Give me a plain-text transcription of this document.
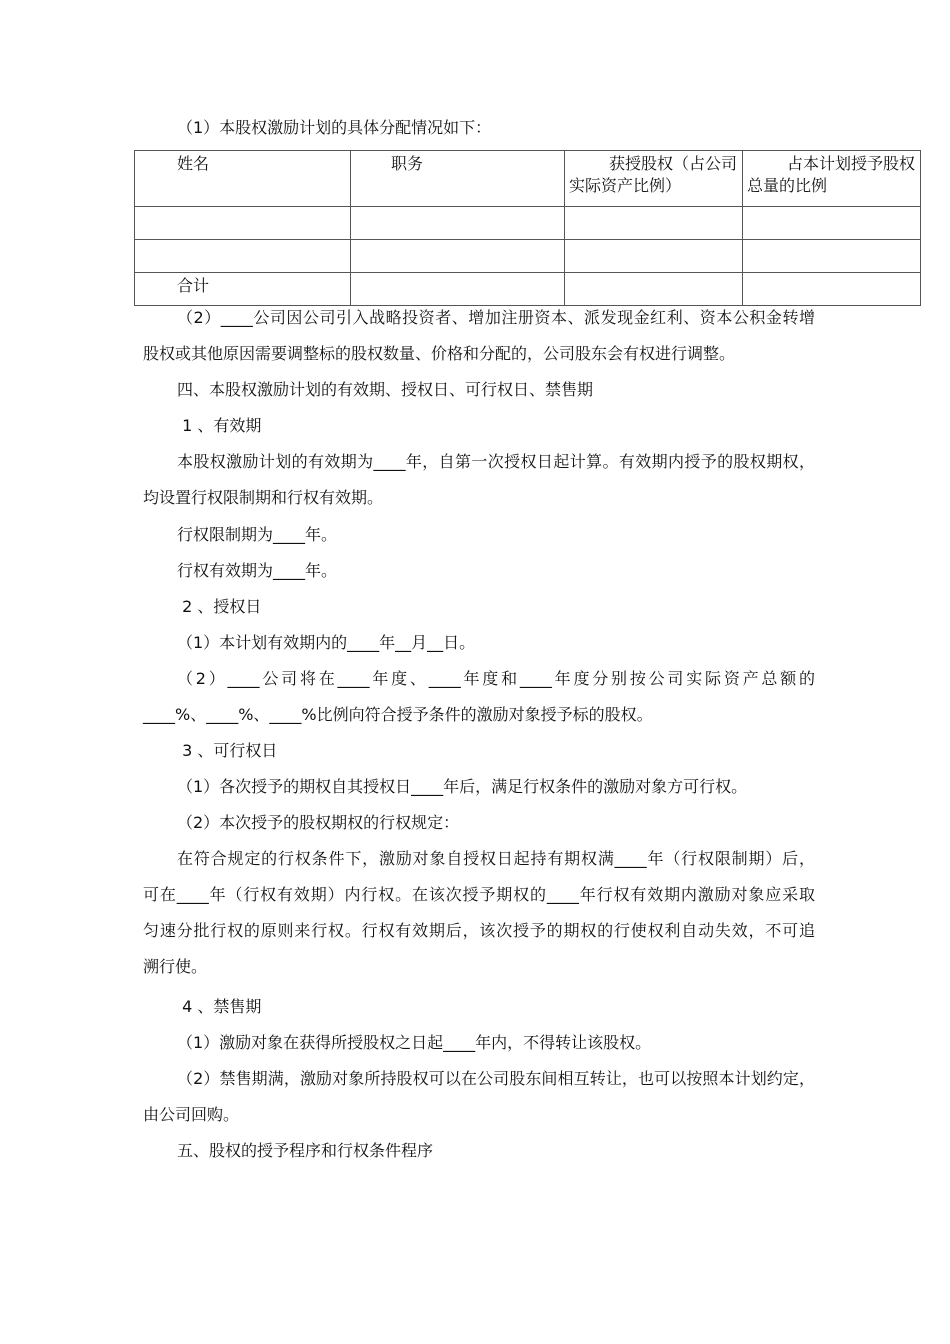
（1）本股权激励计划的具体分配情况如下：
姓名	职务	获授股权（占公司实际资产比例）	占本计划授予股权总量的比例

合计			
（2）____公司因公司引入战略投资者、增加注册资本、派发现金红利、资本公积金转增
股权或其他原因需要调整标的股权数量、价格和分配的，公司股东会有权进行调整。
四、本股权激励计划的有效期、授权日、可行权日、禁售期
1 、有效期
本股权激励计划的有效期为____年，自第一次授权日起计算。有效期内授予的股权期权，
均设置行权限制期和行权有效期。
行权限制期为____年。
行权有效期为____年。
2 、授权日
（1）本计划有效期内的____年__月__日。
（2）____公司将在____年度、____年度和____年度分别按公司实际资产总额的
____%、____%、____%比例向符合授予条件的激励对象授予标的股权。
3 、可行权日
（1）各次授予的期权自其授权日____年后，满足行权条件的激励对象方可行权。
（2）本次授予的股权期权的行权规定：
在符合规定的行权条件下，激励对象自授权日起持有期权满____年（行权限制期）后，
可在____年（行权有效期）内行权。在该次授予期权的____年行权有效期内激励对象应采取
匀速分批行权的原则来行权。行权有效期后，该次授予的期权的行使权利自动失效，不可追
溯行使。
4 、禁售期
（1）激励对象在获得所授股权之日起____年内，不得转让该股权。
（2）禁售期满，激励对象所持股权可以在公司股东间相互转让，也可以按照本计划约定，
由公司回购。
五、股权的授予程序和行权条件程序
